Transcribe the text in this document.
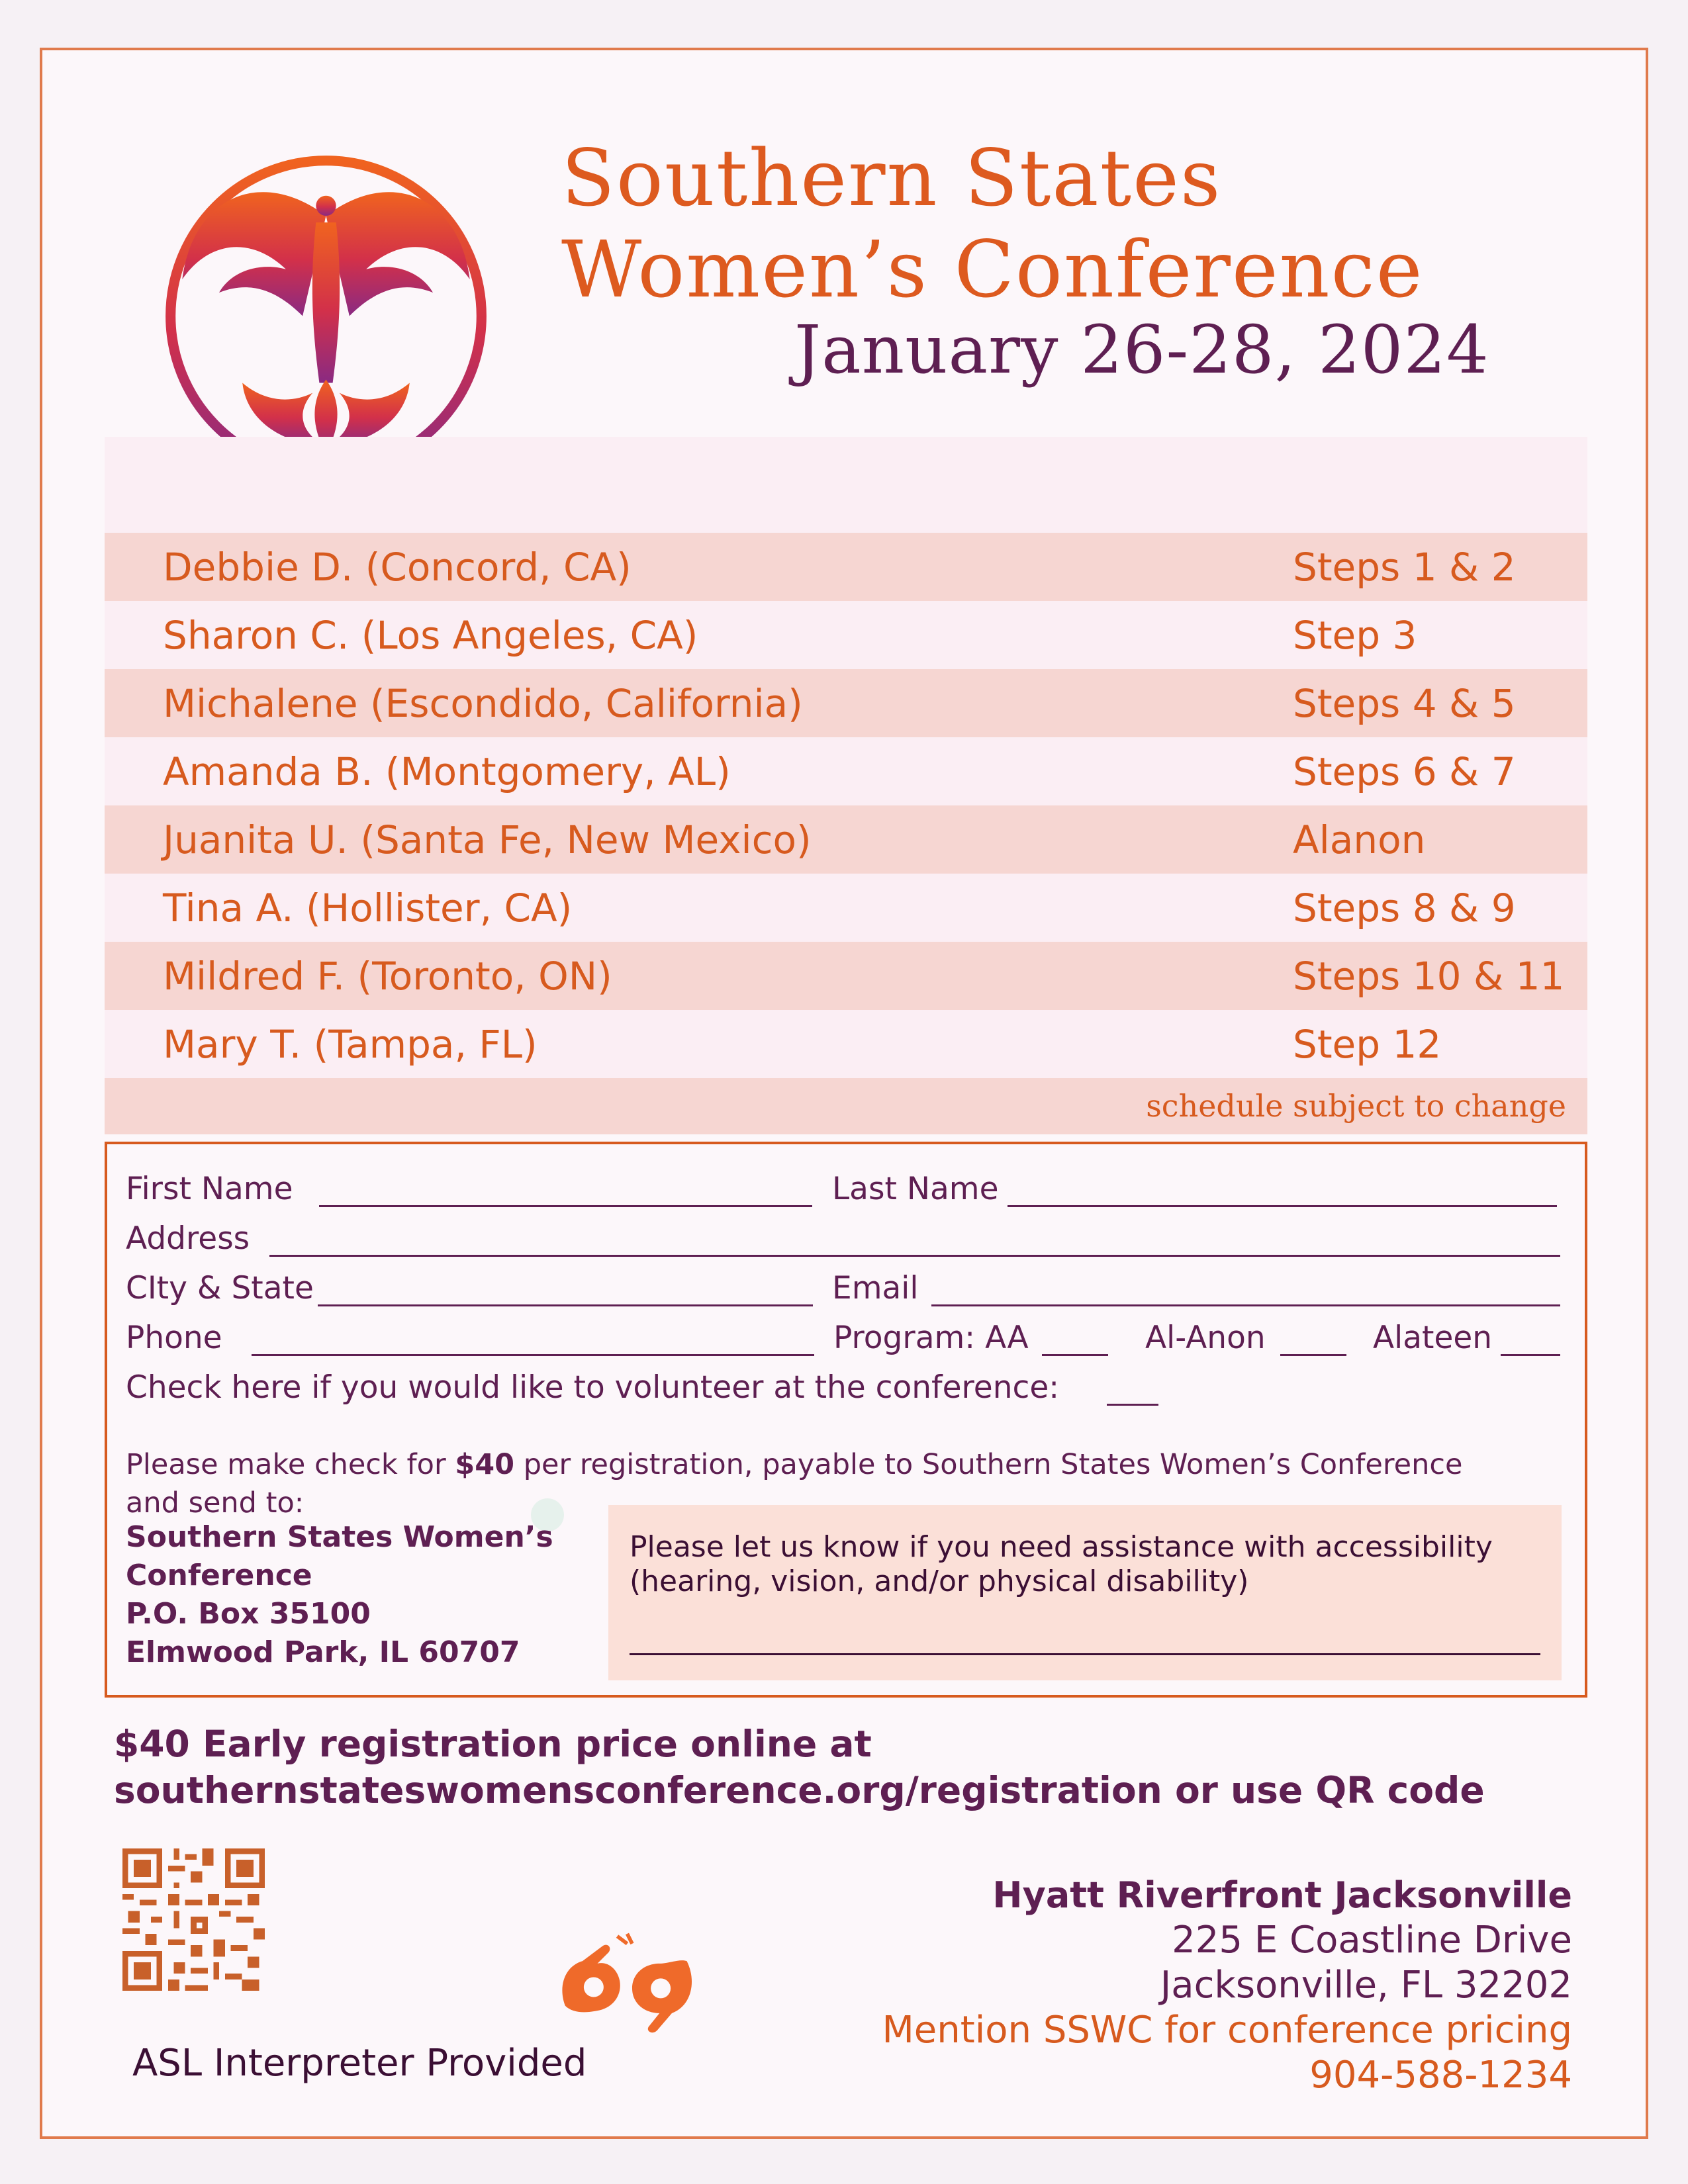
Southern States
Women’s Conference
January 26-28, 2024
Debbie D. (Concord, CA)	Steps 1 & 2
Sharon C. (Los Angeles, CA)	Step 3
Michalene (Escondido, California)	Steps 4 & 5
Amanda B. (Montgomery, AL)	Steps 6 & 7
Juanita U. (Santa Fe, New Mexico)	Alanon
Tina A. (Hollister, CA)	Steps 8 & 9
Mildred F. (Toronto, ON)	Steps 10 & 11
Mary T. (Tampa, FL)	Step 12
schedule subject to change
First Name	Last Name
Address
CIty & State	Email
Phone	Program: AA	Al-Anon	Alateen
Check here if you would like to volunteer at the conference:
Please make check for $40 per registration, payable to Southern States Women’s Conference
and send to:
Southern States Women’s
Conference
P.O. Box 35100
Elmwood Park, IL 60707
Please let us know if you need assistance with accessibility (hearing, vision, and/or physical disability)
$40 Early registration price online at
southernstateswomensconference.org/registration or use QR code
ASL Interpreter Provided
Hyatt Riverfront Jacksonville
225 E Coastline Drive
Jacksonville, FL 32202
Mention SSWC for conference pricing
904-588-1234
